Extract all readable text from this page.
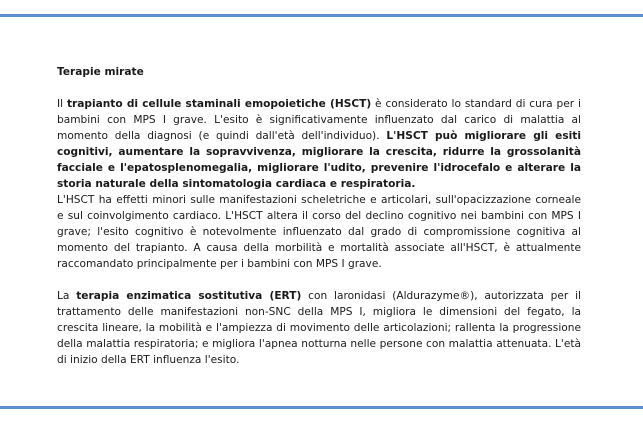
Terapie mirate

Il trapianto di cellule staminali emopoietiche (HSCT) è considerato lo standard di cura per i bambini con MPS I grave. L'esito è significativamente influenzato dal carico di malattia al momento della diagnosi (e quindi dall'età dell'individuo). L'HSCT può migliorare gli esiti cognitivi, aumentare la sopravvivenza, migliorare la crescita, ridurre la grossolanità facciale e l'epatosplenomegalia, migliorare l'udito, prevenire l'idrocefalo e alterare la storia naturale della sintomatologia cardiaca e respiratoria.

L'HSCT ha effetti minori sulle manifestazioni scheletriche e articolari, sull'opacizzazione corneale e sul coinvolgimento cardiaco. L'HSCT altera il corso del declino cognitivo nei bambini con MPS I grave; l'esito cognitivo è notevolmente influenzato dal grado di compromissione cognitiva al momento del trapianto. A causa della morbilità e mortalità associate all'HSCT, è attualmente raccomandato principalmente per i bambini con MPS I grave.

La terapia enzimatica sostitutiva (ERT) con laronidasi (Aldurazyme®), autorizzata per il trattamento delle manifestazioni non-SNC della MPS I, migliora le dimensioni del fegato, la crescita lineare, la mobilità e l'ampiezza di movimento delle articolazioni; rallenta la progressione della malattia respiratoria; e migliora l'apnea notturna nelle persone con malattia attenuata. L'età di inizio della ERT influenza l'esito.
